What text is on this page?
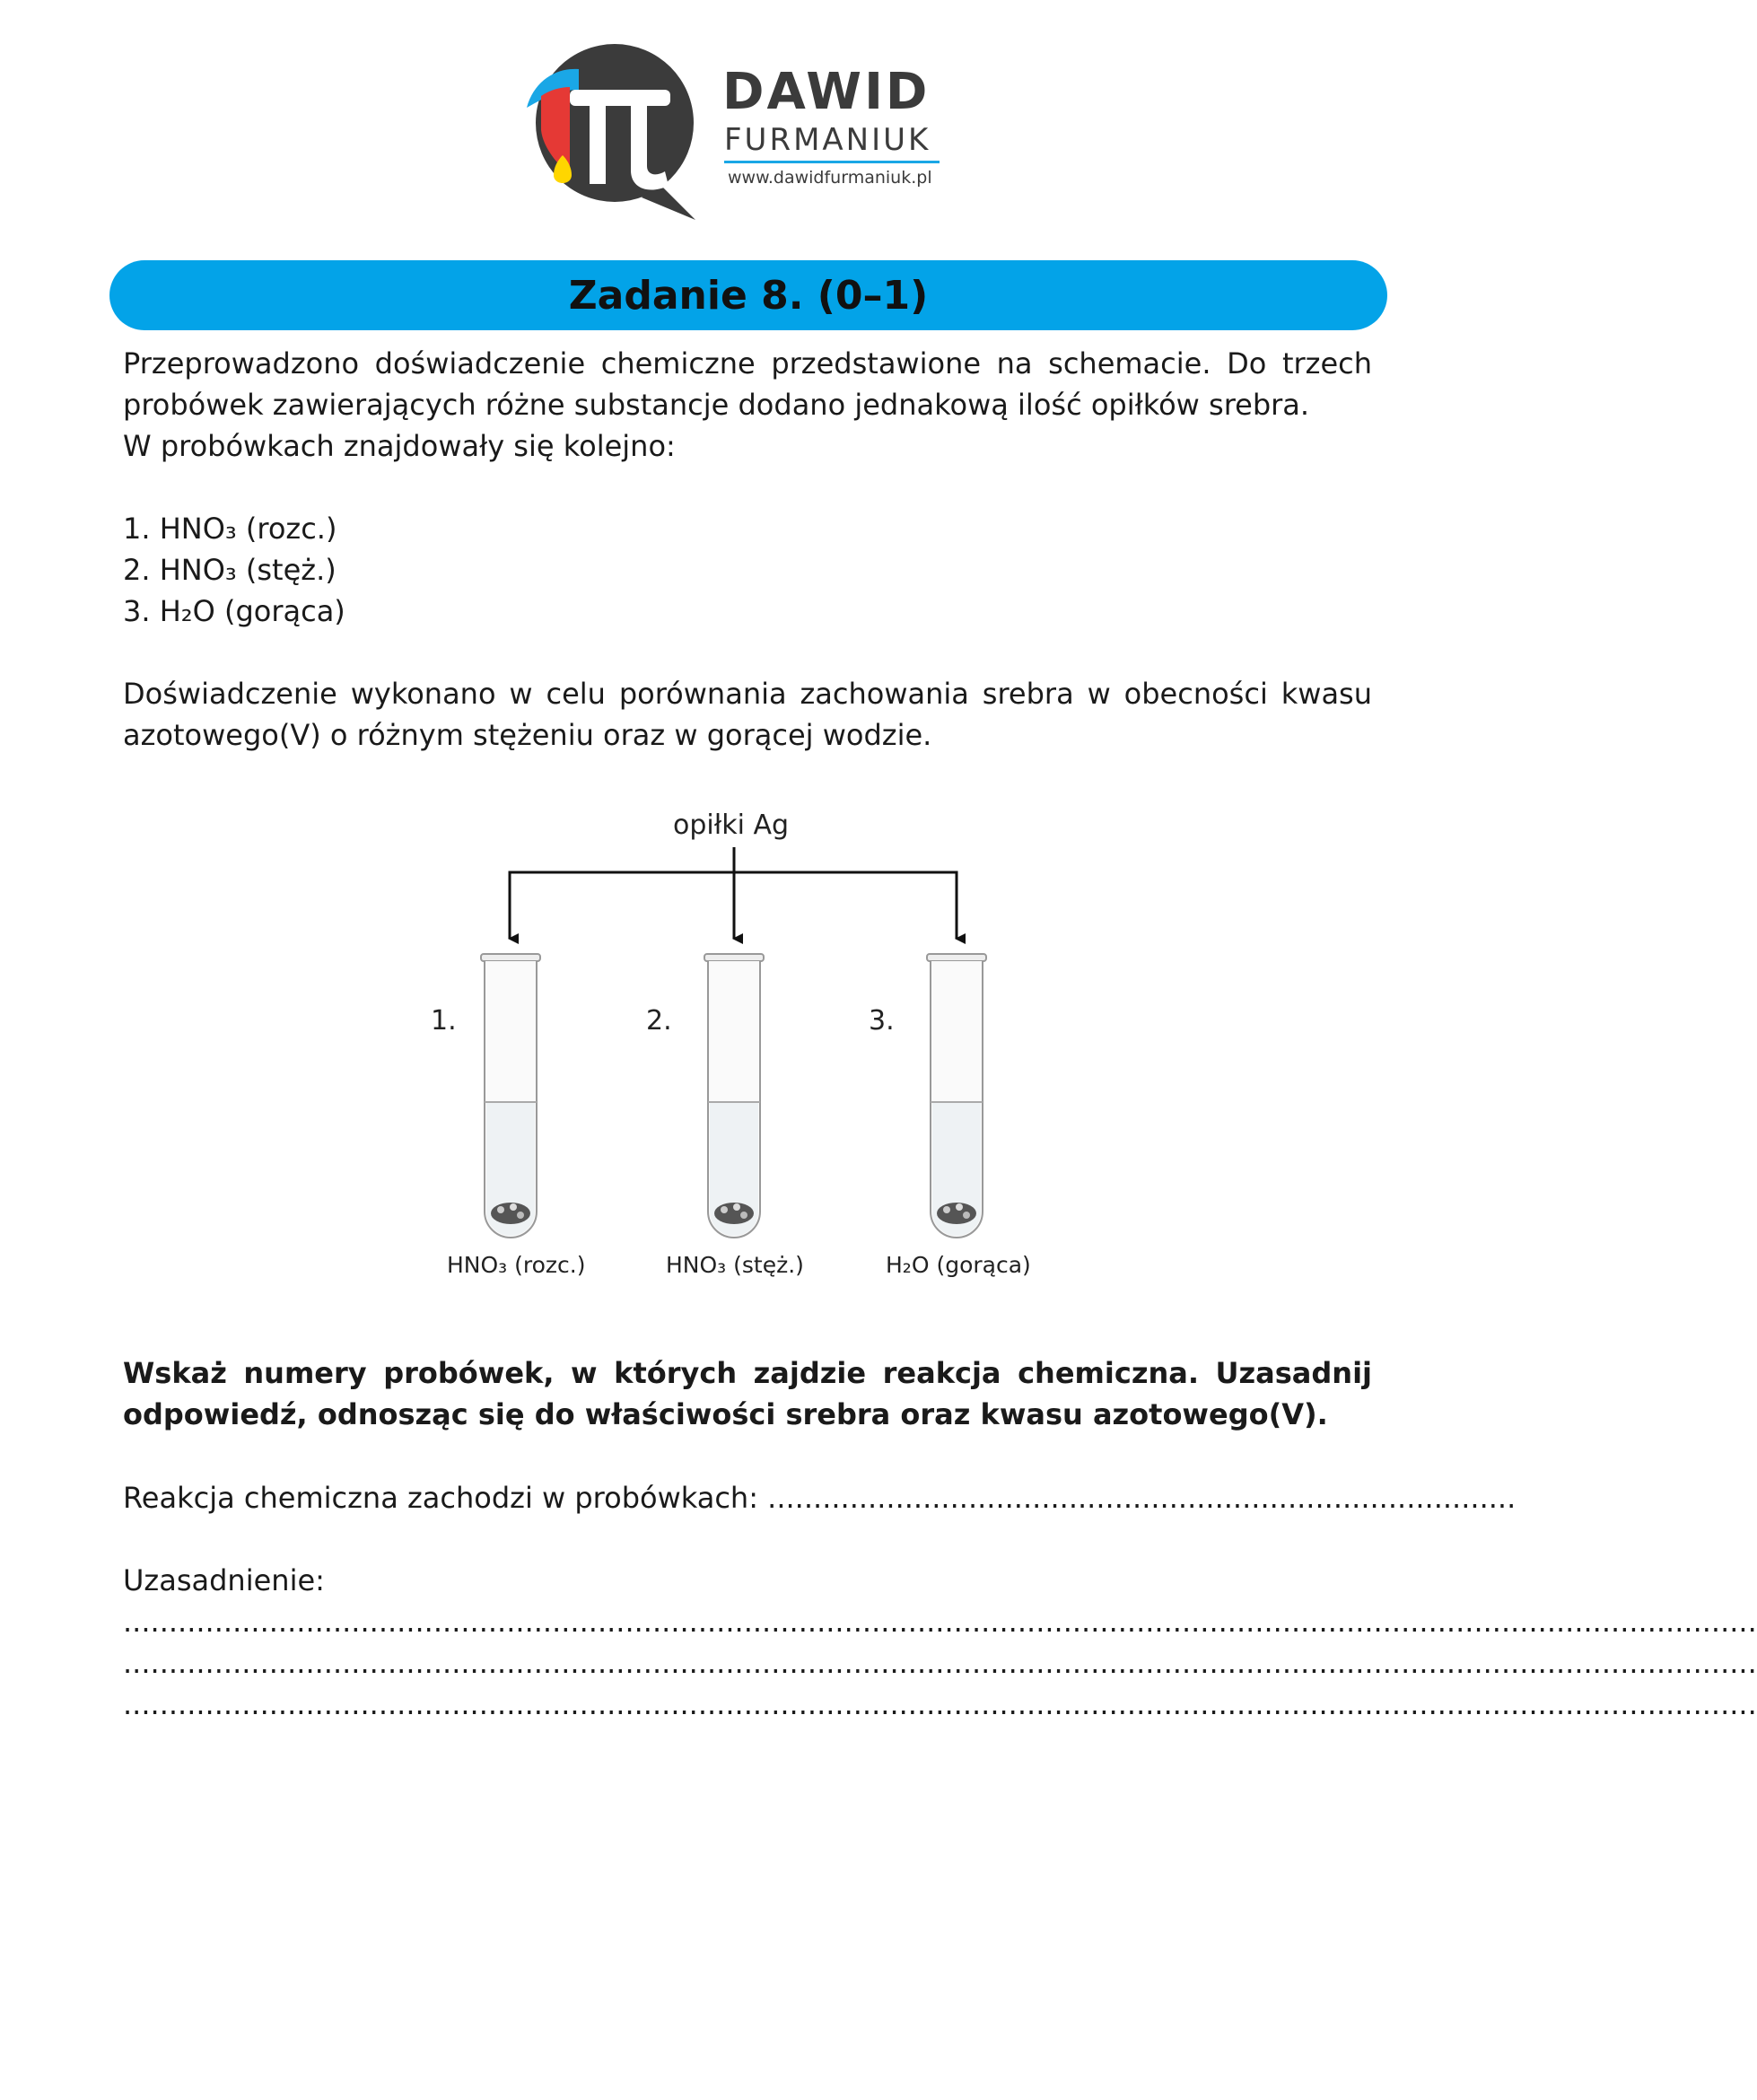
DAWID
FURMANIUK
www.dawidfurmaniuk.pl
Zadanie 8. (0–1)

Przeprowadzono doświadczenie chemiczne przedstawione na schemacie. Do trzech probówek zawierających różne substancje dodano jednakową ilość opiłków srebra.

W probówkach znajdowały się kolejno:

1. HNO₃ (rozc.)

2. HNO₃ (stęż.)

3. H₂O (gorąca)

Doświadczenie wykonano w celu porównania zachowania srebra w obecności kwasu azotowego(V) o różnym stężeniu oraz w gorącej wodzie.

opiłki Ag
1.	2.	3.
HNO₃ (rozc.)	HNO₃ (stęż.)	H₂O (gorąca)
Wskaż numery probówek, w których zajdzie reakcja chemiczna. Uzasadnij odpowiedź, odnosząc się do właściwości srebra oraz kwasu azotowego(V).
Reakcja chemiczna zachodzi w probówkach: ..................................................................................
Uzasadnienie:
...................................................................................................................................................................................
...................................................................................................................................................................................
...................................................................................................................................................................................
